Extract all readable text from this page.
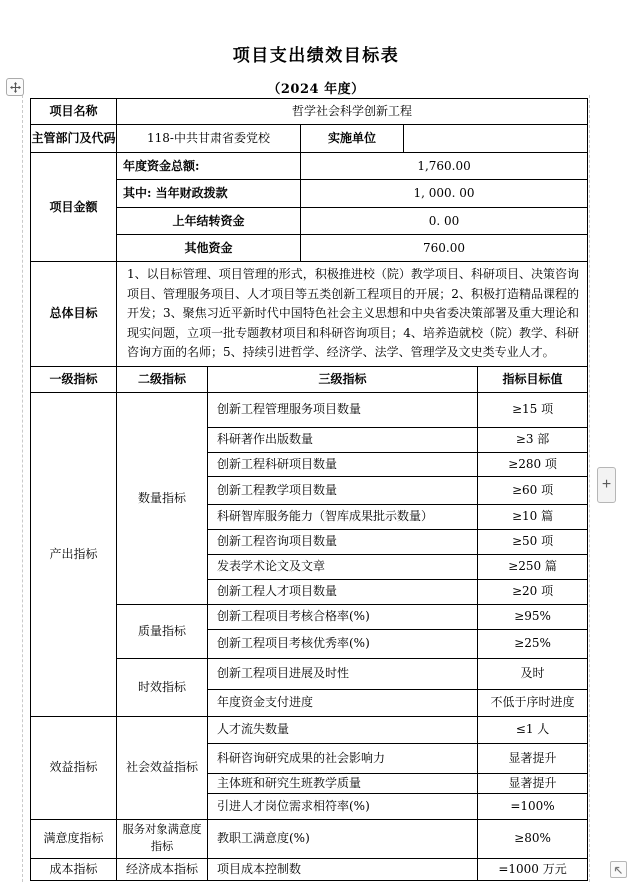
项目支出绩效目标表
（2024 年度）
项目名称	哲学社会科学创新工程				
主管部门及代码	118-中共甘肃省委党校		实施单位		
项目金额	年度资金总额:		1,760.00		
	其中: 当年财政拨款		1, 000. 00		
	上年结转资金		0. 00		
	其他资金		760.00		
总体目标	1、以目标管理、项目管理的形式，积极推进校（院）教学项目、科研项目、决策咨询项目、管理服务项目、人才项目等五类创新工程项目的开展；2、积极打造精品课程的开发；3、聚焦习近平新时代中国特色社会主义思想和中央省委决策部署及重大理论和现实问题，立项一批专题教材项目和科研咨询项目；4、培养造就校（院）教学、科研咨询方面的名师；5、持续引进哲学、经济学、法学、管理学及文史类专业人才。				
一级指标	二级指标	三级指标			指标目标值
产出指标	数量指标	创新工程管理服务项目数量			≥15 项
		科研著作出版数量			≥3 部
		创新工程科研项目数量			≥280 项
		创新工程教学项目数量			≥60 项
		科研智库服务能力（智库成果批示数量）			≥10 篇
		创新工程咨询项目数量			≥50 项
		发表学术论文及文章			≥250 篇
		创新工程人才项目数量			≥20 项
	质量指标	创新工程项目考核合格率(%)			≥95%
		创新工程项目考核优秀率(%)			≥25%
	时效指标	创新工程项目进展及时性			及时
		年度资金支付进度			不低于序时进度
效益指标	社会效益指标	人才流失数量			≤1 人
		科研咨询研究成果的社会影响力			显著提升
		主体班和研究生班教学质量			显著提升
		引进人才岗位需求相符率(%)			=100%
满意度指标	服务对象满意度指标	教职工满意度(%)			≥80%
成本指标	经济成本指标	项目成本控制数			=1000 万元
+
